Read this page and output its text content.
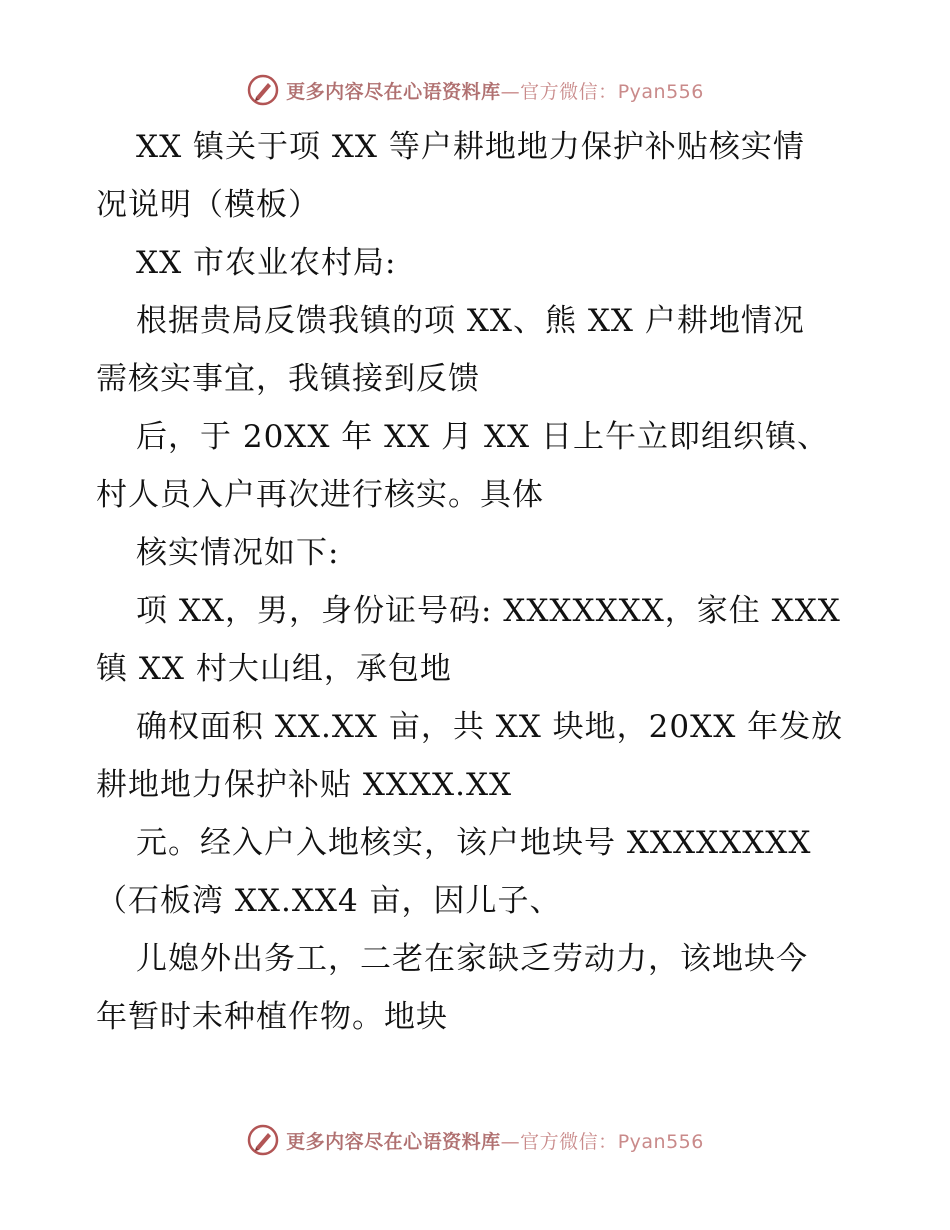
更多内容尽在心语资料库—官方微信：Pyan556
XX 镇关于项 XX 等户耕地地力保护补贴核实情
况说明（模板）
XX 市农业农村局:
根据贵局反馈我镇的项 XX、熊 XX 户耕地情况
需核实事宜，我镇接到反馈
后，于 20XX 年 XX 月 XX 日上午立即组织镇、
村人员入户再次进行核实。具体
核实情况如下:
项 XX，男，身份证号码: XXXXXXX，家住 XXX
镇 XX 村大山组，承包地
确权面积 XX.XX 亩，共 XX 块地，20XX 年发放
耕地地力保护补贴 XXXX.XX
元。经入户入地核实，该户地块号 XXXXXXXX
（石板湾 XX.XX4 亩，因儿子、
儿媳外出务工，二老在家缺乏劳动力，该地块今
年暂时未种植作物。地块
更多内容尽在心语资料库—官方微信：Pyan556
